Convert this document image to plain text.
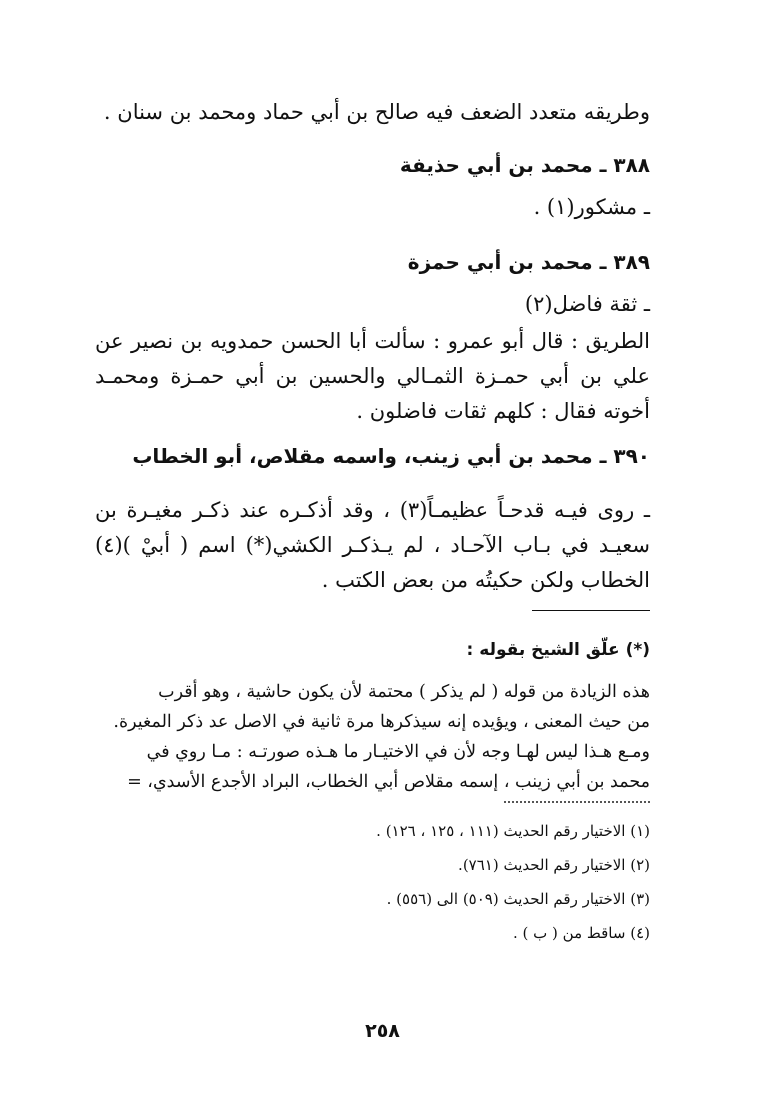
وطريقه متعدد الضعف فيه صالح بن أبي حماد ومحمد بن سنان .

٣٨٨ ـ محمد بن أبي حذيفة

ـ مشكور(١) .

٣٨٩ ـ محمد بن أبي حمزة

ـ ثقة فاضل(٢)

الطريق : قال أبو عمرو : سألت أبا الحسن حمدويه بن نصير عن علي بن أبي حمـزة الثمـالي والحسين بن أبي حمـزة ومحمـد أخوته فقال : كلهم ثقات فاضلون .

٣٩٠ ـ محمد بن أبي زينب، واسمه مقلاص، أبو الخطاب

ـ روى فيـه قدحـاً عظيمـاً(٣) ، وقد أذكـره عند ذكـر مغيـرة بن سعيـد في بـاب الآحـاد ، لم يـذكـر الكشي(*) اسم ( أبيْ )(٤) الخطاب ولكن حكيتُه من بعض الكتب .

(*) علّق الشيخ بقوله :

هذه الزيادة من قوله ( لم يذكر ) محتمة لأن يكون حاشية ، وهو أقرب

من حيث المعنى ، ويؤيده إنه سيذكرها مرة ثانية في الاصل عد ذكر المغيرة.

ومـع هـذا ليس لهـا وجه لأن في الاختيـار ما هـذه صورتـه : مـا روي في

محمد بن أبي زينب ، إسمه مقلاص أبي الخطاب، البراد الأجدع الأسدي، =

(١) الاختيار رقم الحديث (١١١ ، ١٢٥ ، ١٢٦) .

(٢) الاختيار رقم الحديث (٧٦١).

(٣) الاختيار رقم الحديث (٥٠٩) الى (٥٥٦) .

(٤) ساقط من ( ب ) .

٢٥٨
